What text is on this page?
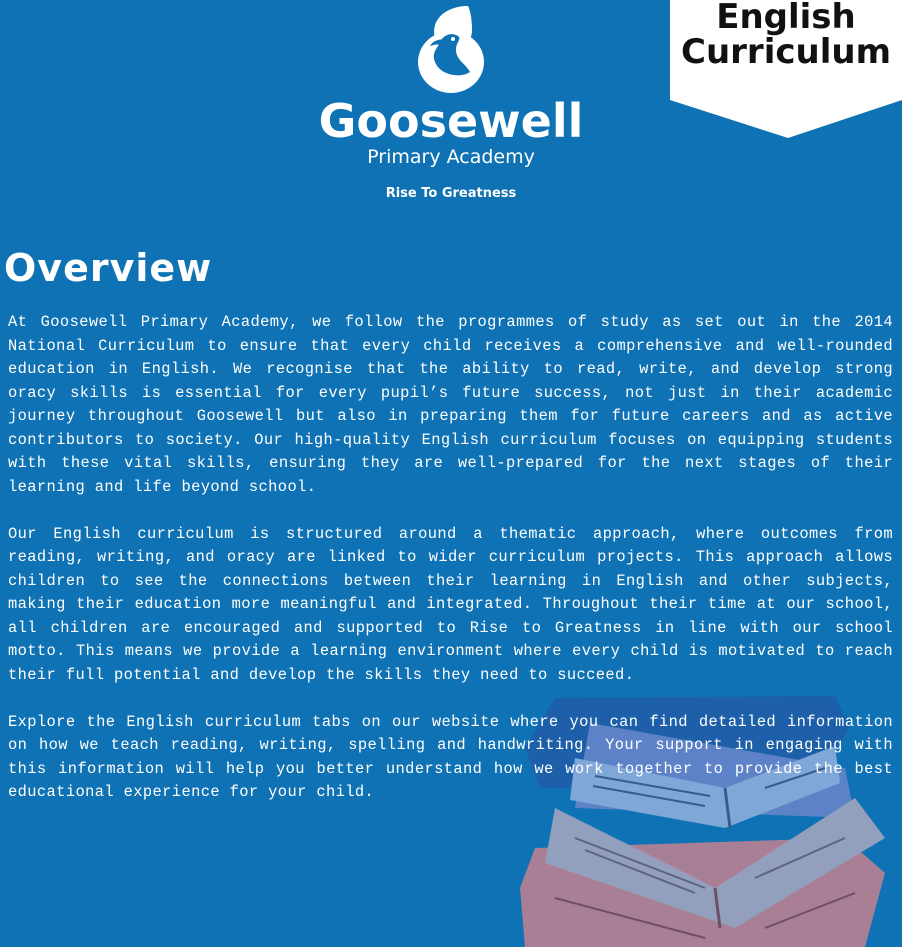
Goosewell
Primary Academy
Rise To Greatness
English
Curriculum
Overview

At Goosewell Primary Academy, we follow the programmes of study as set out in the 2014 National Curriculum to ensure that every child receives a comprehensive and well-rounded education in English. We recognise that the ability to read, write, and develop strong oracy skills is essential for every pupil’s future success, not just in their academic journey throughout Goosewell but also in preparing them for future careers and as active contributors to society. Our high-quality English curriculum focuses on equipping students with these vital skills, ensuring they are well-prepared for the next stages of their learning and life beyond school.

Our English curriculum is structured around a thematic approach, where outcomes from reading, writing, and oracy are linked to wider curriculum projects. This approach allows children to see the connections between their learning in English and other subjects, making their education more meaningful and integrated. Throughout their time at our school, all children are encouraged and supported to Rise to Greatness in line with our school motto. This means we provide a learning environment where every child is motivated to reach their full potential and develop the skills they need to succeed.

Explore the English curriculum tabs on our website where you can find detailed information on how we teach reading, writing, spelling and handwriting. Your support in engaging with this information will help you better understand how we work together to provide the best educational experience for your child.
